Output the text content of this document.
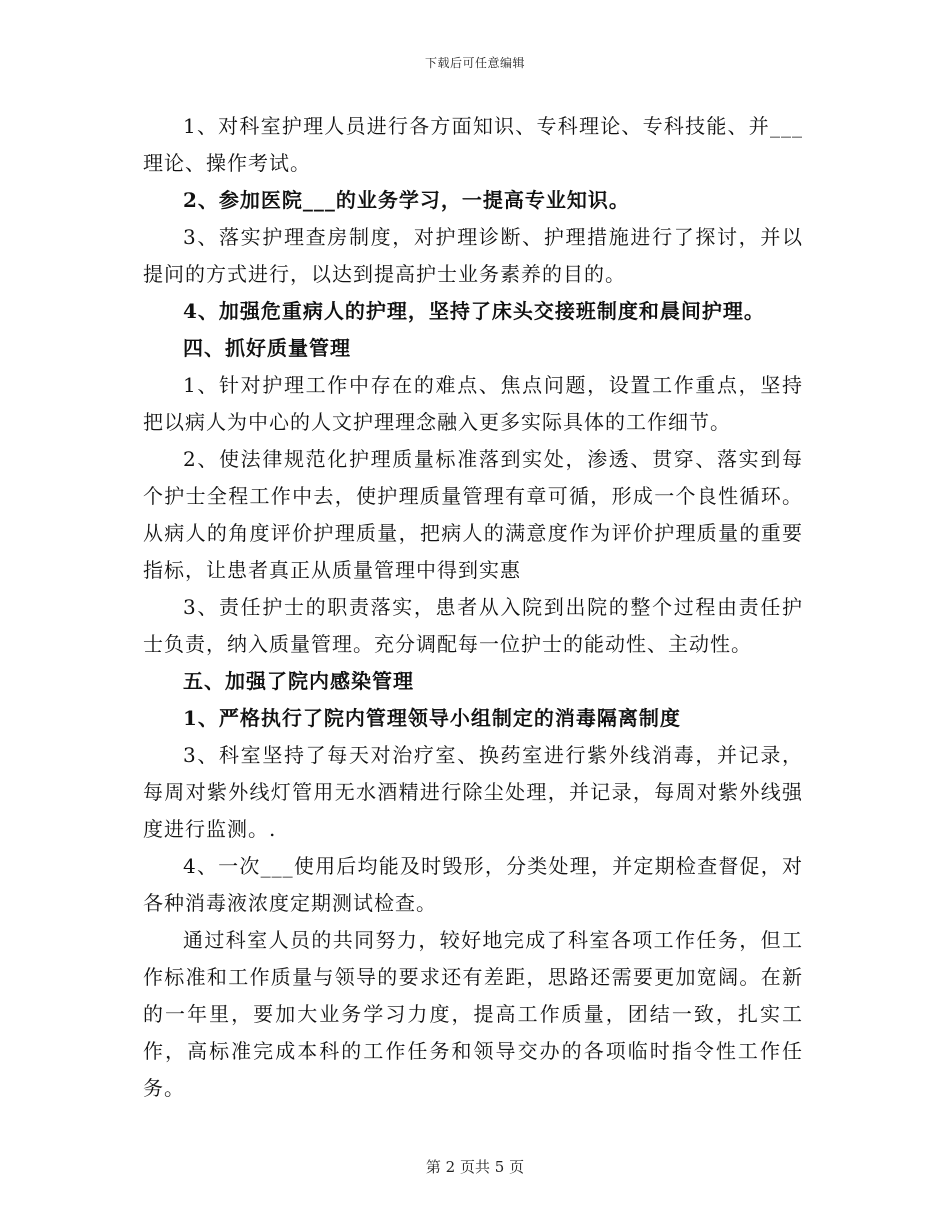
下载后可任意编辑

1、对科室护理人员进行各方面知识、专科理论、专科技能、并___理论、操作考试。

2、参加医院___的业务学习，一提高专业知识。

3、落实护理查房制度，对护理诊断、护理措施进行了探讨，并以提问的方式进行，以达到提高护士业务素养的目的。

4、加强危重病人的护理，坚持了床头交接班制度和晨间护理。

四、抓好质量管理

1、针对护理工作中存在的难点、焦点问题，设置工作重点，坚持把以病人为中心的人文护理理念融入更多实际具体的工作细节。

2、使法律规范化护理质量标准落到实处，渗透、贯穿、落实到每个护士全程工作中去，使护理质量管理有章可循，形成一个良性循环。从病人的角度评价护理质量，把病人的满意度作为评价护理质量的重要指标，让患者真正从质量管理中得到实惠

3、责任护士的职责落实，患者从入院到出院的整个过程由责任护士负责，纳入质量管理。充分调配每一位护士的能动性、主动性。

五、加强了院内感染管理

1、严格执行了院内管理领导小组制定的消毒隔离制度

3、科室坚持了每天对治疗室、换药室进行紫外线消毒，并记录，每周对紫外线灯管用无水酒精进行除尘处理，并记录，每周对紫外线强度进行监测。.

4、一次___使用后均能及时毁形，分类处理，并定期检查督促，对各种消毒液浓度定期测试检查。

通过科室人员的共同努力，较好地完成了科室各项工作任务，但工作标准和工作质量与领导的要求还有差距，思路还需要更加宽阔。在新的一年里，要加大业务学习力度，提高工作质量，团结一致，扎实工作，高标准完成本科的工作任务和领导交办的各项临时指令性工作任务。

第 2 页共 5 页
